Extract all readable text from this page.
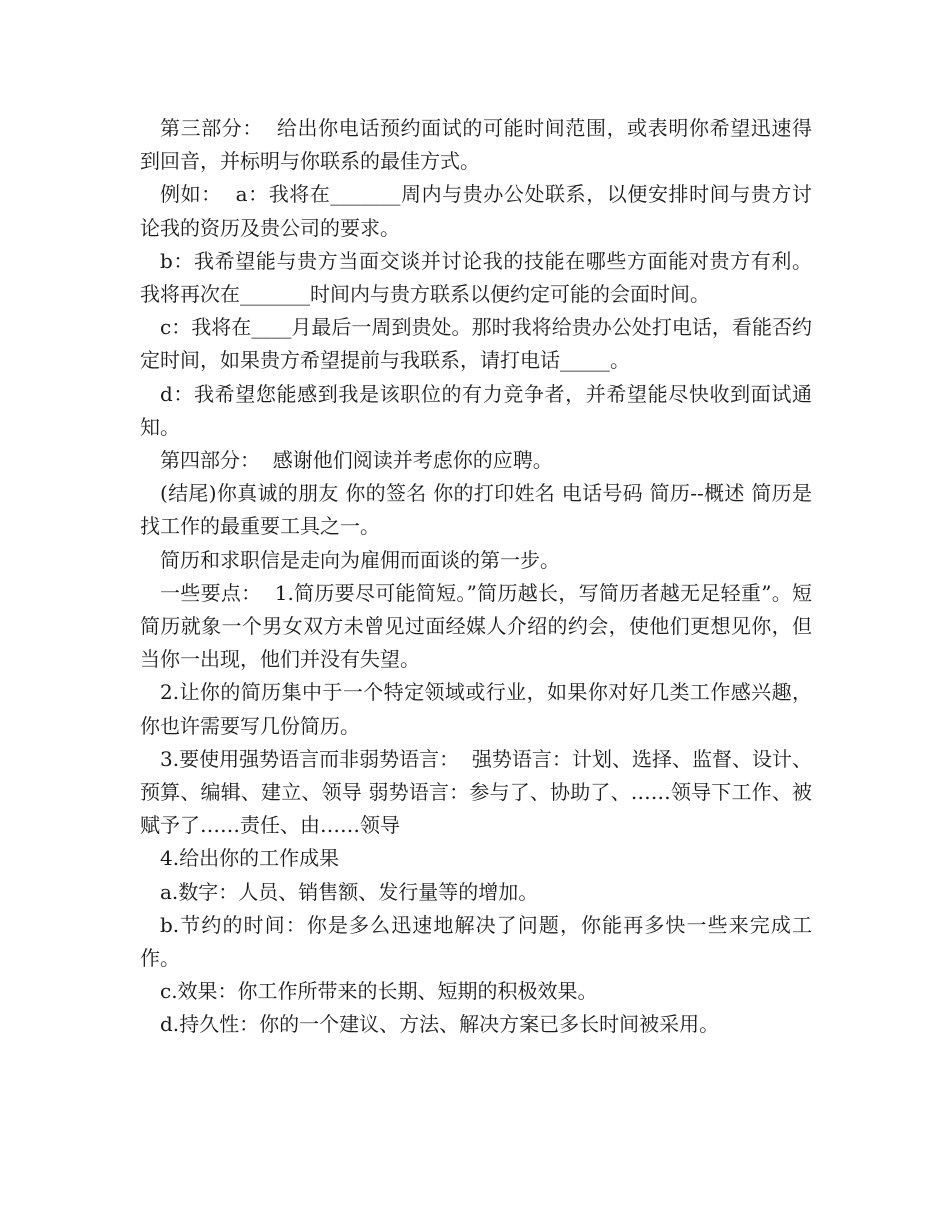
第三部分：  给出你电话预约面试的可能时间范围，或表明你希望迅速得到回音，并标明与你联系的最佳方式。

例如：  a：我将在_______周内与贵办公处联系，以便安排时间与贵方讨论我的资历及贵公司的要求。

b：我希望能与贵方当面交谈并讨论我的技能在哪些方面能对贵方有利。我将再次在_______时间内与贵方联系以便约定可能的会面时间。

c：我将在____月最后一周到贵处。那时我将给贵办公处打电话，看能否约定时间，如果贵方希望提前与我联系，请打电话_____。

d：我希望您能感到我是该职位的有力竞争者，并希望能尽快收到面试通知。

第四部分：  感谢他们阅读并考虑你的应聘。

(结尾)你真诚的朋友 你的签名 你的打印姓名 电话号码 简历--概述 简历是找工作的最重要工具之一。

简历和求职信是走向为雇佣而面谈的第一步。

一些要点：  1.简历要尽可能简短。”简历越长，写简历者越无足轻重”。短简历就象一个男女双方未曾见过面经媒人介绍的约会，使他们更想见你，但当你一出现，他们并没有失望。

2.让你的简历集中于一个特定领域或行业，如果你对好几类工作感兴趣，你也许需要写几份简历。

3.要使用强势语言而非弱势语言：  强势语言：计划、选择、监督、设计、预算、编辑、建立、领导 弱势语言：参与了、协助了、……领导下工作、被赋予了……责任、由……领导

4.给出你的工作成果

a.数字：人员、销售额、发行量等的增加。

b.节约的时间：你是多么迅速地解决了问题，你能再多快一些来完成工作。

c.效果：你工作所带来的长期、短期的积极效果。

d.持久性：你的一个建议、方法、解决方案已多长时间被采用。
